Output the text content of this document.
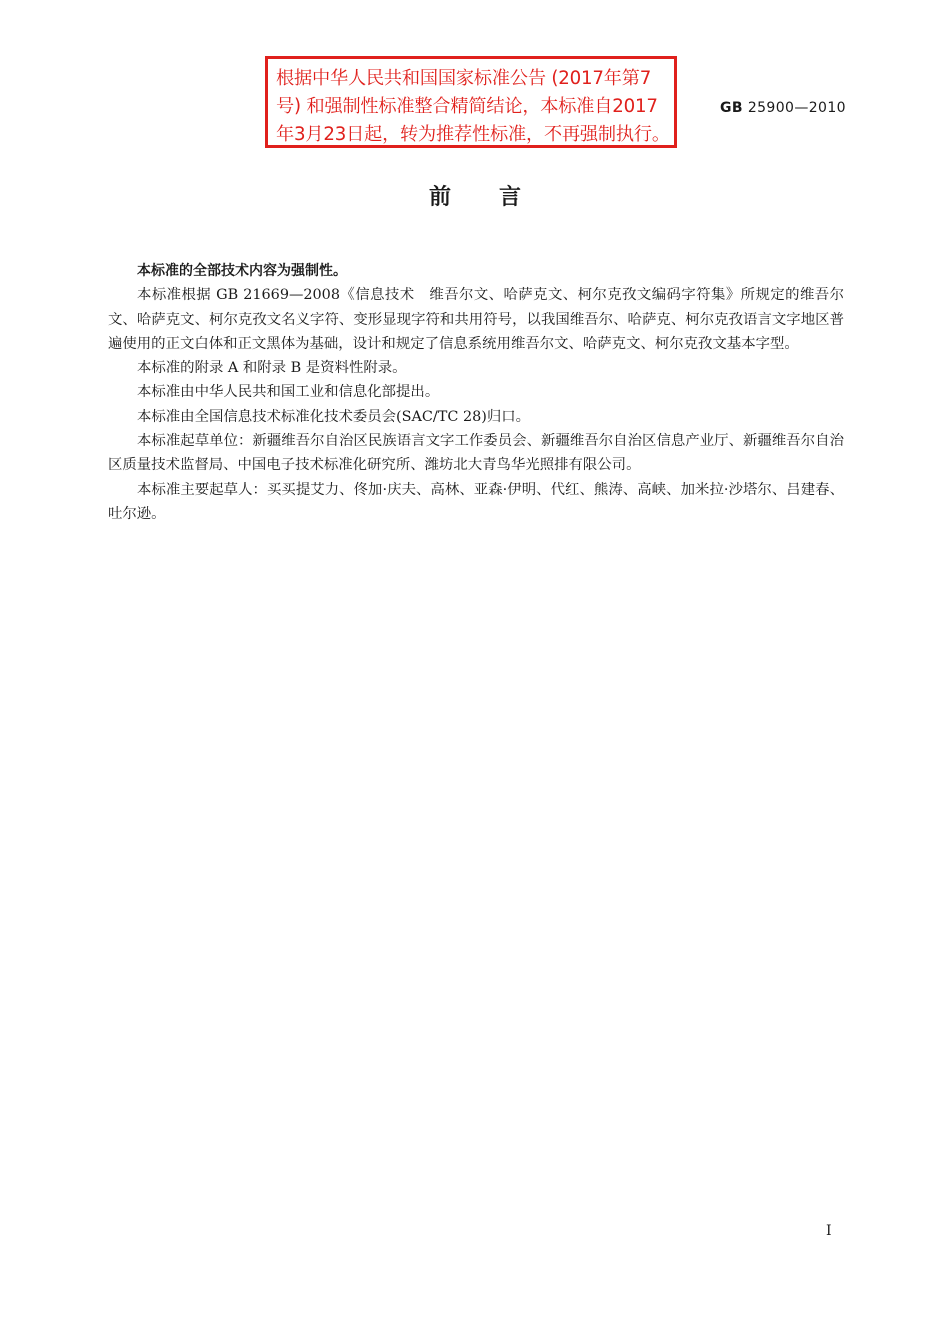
根据中华人民共和国国家标准公告 (2017年第7
号) 和强制性标准整合精简结论，本标准自2017
年3月23日起，转为推荐性标准，不再强制执行。
GB 25900—2010
前言

本标准的全部技术内容为强制性。

本标准根据 GB 21669—2008《信息技术　维吾尔文、哈萨克文、柯尔克孜文编码字符集》所规定的维吾尔文、哈萨克文、柯尔克孜文名义字符、变形显现字符和共用符号，以我国维吾尔、哈萨克、柯尔克孜语言文字地区普遍使用的正文白体和正文黑体为基础，设计和规定了信息系统用维吾尔文、哈萨克文、柯尔克孜文基本字型。

本标准的附录 A 和附录 B 是资料性附录。

本标准由中华人民共和国工业和信息化部提出。

本标准由全国信息技术标准化技术委员会(SAC/TC 28)归口。

本标准起草单位：新疆维吾尔自治区民族语言文字工作委员会、新疆维吾尔自治区信息产业厅、新疆维吾尔自治区质量技术监督局、中国电子技术标准化研究所、潍坊北大青鸟华光照排有限公司。

本标准主要起草人：买买提艾力、佟加·庆夫、高林、亚森·伊明、代红、熊涛、高峡、加米拉·沙塔尔、吕建春、吐尔逊。

I
